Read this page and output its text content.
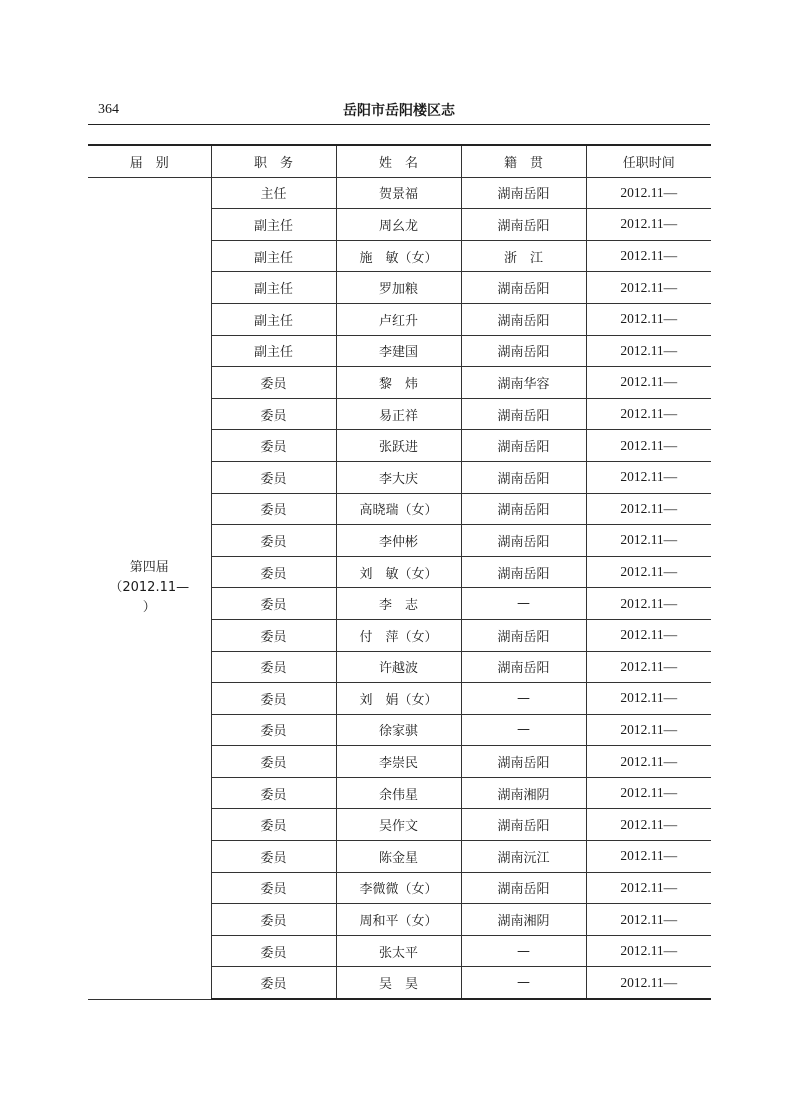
364	岳阳市岳阳楼区志
届　别	职　务	姓　名	籍　贯	任职时间

第四届
（2012.11—
）	主任	贺景福	湖南岳阳	2012.11—
	副主任	周幺龙	湖南岳阳	2012.11—
	副主任	施　敏（女）	浙　江	2012.11—
	副主任	罗加粮	湖南岳阳	2012.11—
	副主任	卢红升	湖南岳阳	2012.11—
	副主任	李建国	湖南岳阳	2012.11—
	委员	黎　炜	湖南华容	2012.11—
	委员	易正祥	湖南岳阳	2012.11—
	委员	张跃进	湖南岳阳	2012.11—
	委员	李大庆	湖南岳阳	2012.11—
	委员	高晓瑞（女）	湖南岳阳	2012.11—
	委员	李仲彬	湖南岳阳	2012.11—
	委员	刘　敏（女）	湖南岳阳	2012.11—
	委员	李　志	—	2012.11—
	委员	付　萍（女）	湖南岳阳	2012.11—
	委员	许越波	湖南岳阳	2012.11—
	委员	刘　娟（女）	—	2012.11—
	委员	徐家骐	—	2012.11—
	委员	李崇民	湖南岳阳	2012.11—
	委员	余伟星	湖南湘阴	2012.11—
	委员	吴作文	湖南岳阳	2012.11—
	委员	陈金星	湖南沅江	2012.11—
	委员	李微微（女）	湖南岳阳	2012.11—
	委员	周和平（女）	湖南湘阴	2012.11—
	委员	张太平	—	2012.11—
	委员	吴　昊	—	2012.11—
